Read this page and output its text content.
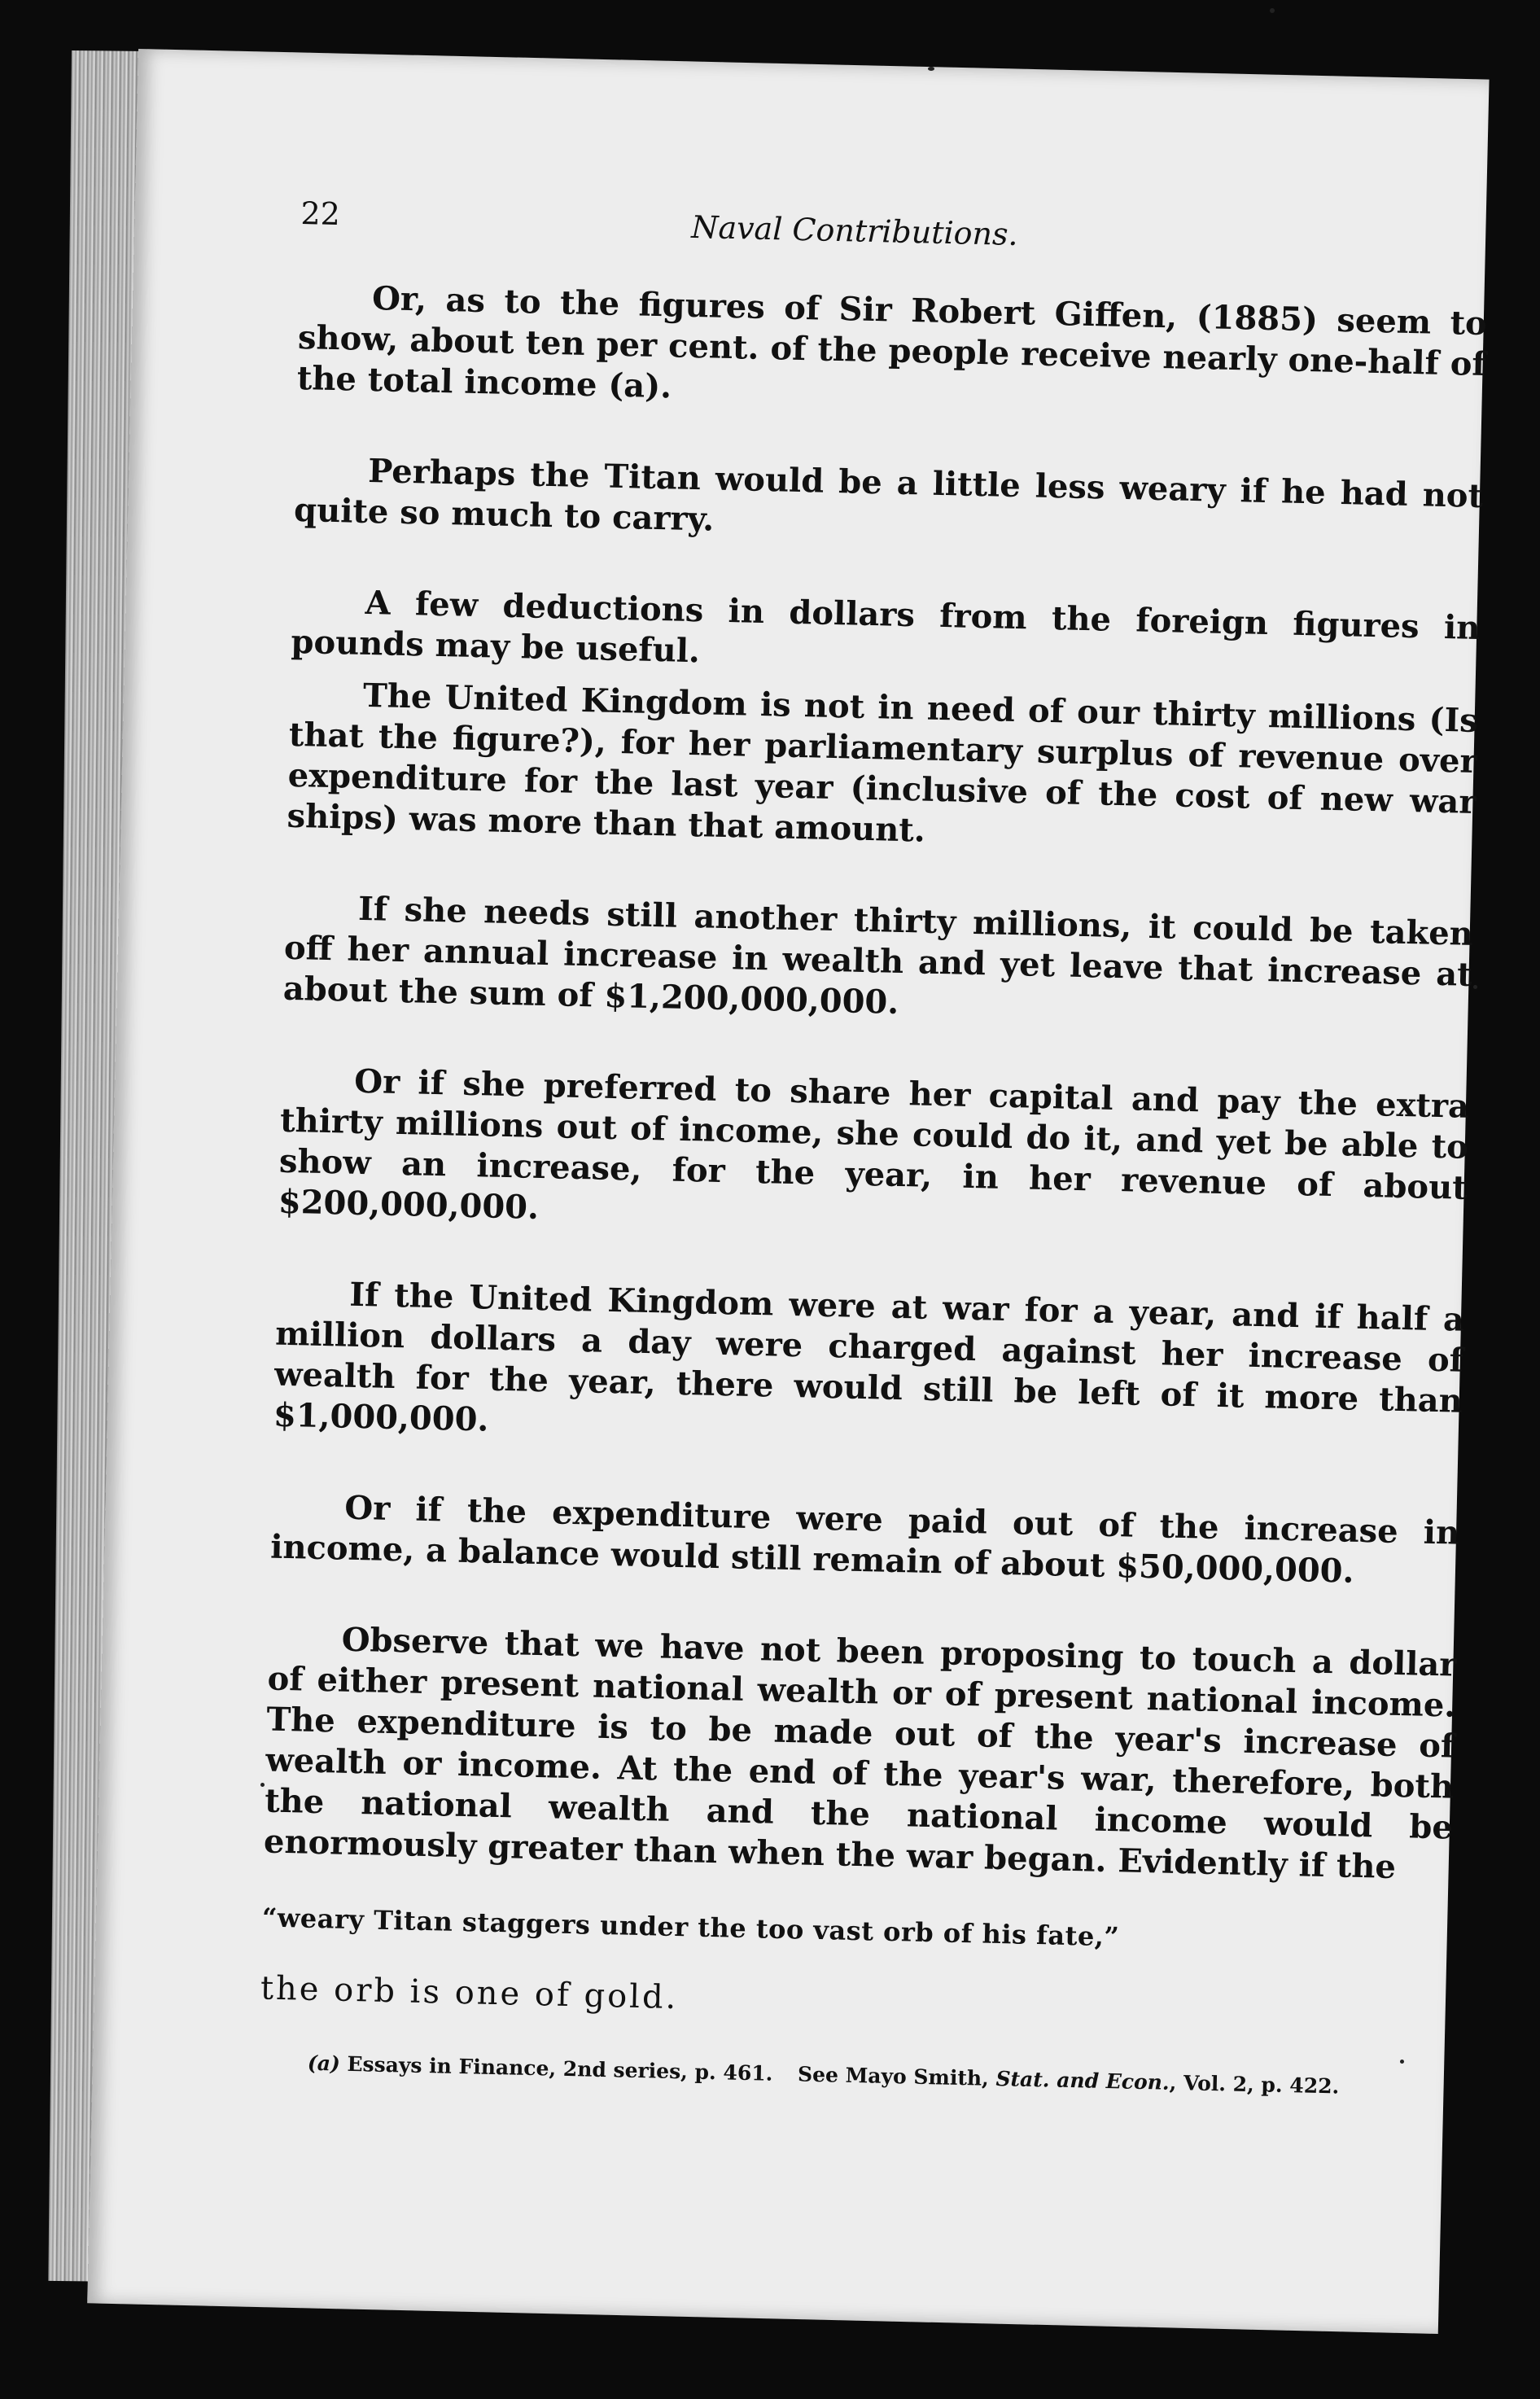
22	Naval Contributions.

Or, as to the figures of Sir Robert Giffen, (1885) seem to show, about ten per cent. of the people receive nearly one-half of the total income (a).

Perhaps the Titan would be a little less weary if he had not quite so much to carry.

A few deductions in dollars from the foreign figures in pounds may be useful.

The United Kingdom is not in need of our thirty millions (Is that the figure?), for her parliamentary surplus of revenue over expenditure for the last year (inclusive of the cost of new war ships) was more than that amount.

If she needs still another thirty millions, it could be taken off her annual increase in wealth and yet leave that increase at about the sum of $1,200,000,000.

Or if she preferred to share her capital and pay the extra thirty millions out of income, she could do it, and yet be able to show an increase, for the year, in her revenue of about $200,000,000.

If the United Kingdom were at war for a year, and if half a million dollars a day were charged against her increase of wealth for the year, there would still be left of it more than $1,000,000.

Or if the expenditure were paid out of the increase in income, a balance would still remain of about $50,000,000.

Observe that we have not been proposing to touch a dollar of either present national wealth or of present national income. The expenditure is to be made out of the year's increase of wealth or income. At the end of the year's war, therefore, both the national wealth and the national income would be enormously greater than when the war began. Evidently if the

“weary Titan staggers under the too vast orb of his fate,”

the orb is one of gold.

(a) Essays in Finance, 2nd series, p. 461. See Mayo Smith, Stat. and Econ., Vol. 2, p. 422.
